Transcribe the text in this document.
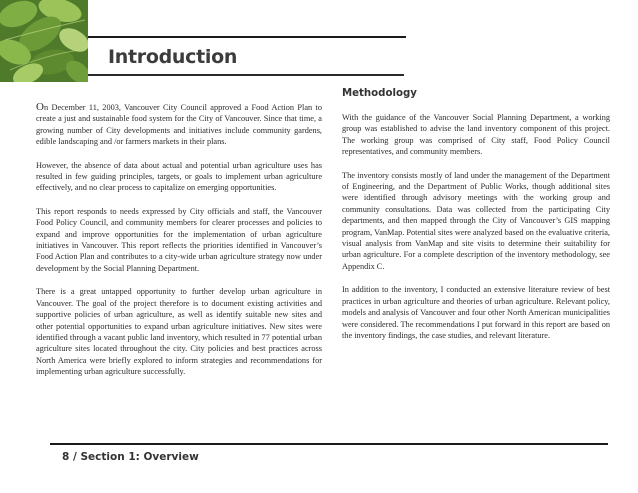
Introduction

On December 11, 2003, Vancouver City Council approved a Food Action Plan to create a just and sustainable food system for the City of Vancouver. Since that time, a growing number of City developments and initiatives include community gardens, edible landscaping and /or farmers markets in their plans.

However, the absence of data about actual and potential urban agriculture uses has resulted in few guiding principles, targets, or goals to implement urban agriculture effectively, and no clear process to capitalize on emerging opportunities.

This report responds to needs expressed by City officials and staff, the Vancouver Food Policy Council, and community members for clearer processes and policies to expand and improve opportunities for the implementation of urban agriculture initiatives in Vancouver. This report reflects the priorities identified in Vancouver’s Food Action Plan and contributes to a city-wide urban agriculture strategy now under development by the Social Planning Department.

There is a great untapped opportunity to further develop urban agriculture in Vancouver. The goal of the project therefore is to document existing activities and supportive policies of urban agriculture, as well as identify suitable new sites and other potential opportunities to expand urban agriculture initiatives. New sites were identified through a vacant public land inventory, which resulted in 77 potential urban agriculture sites located throughout the city. City policies and best practices across North America were briefly explored to inform strategies and recommendations for implementing urban agriculture successfully.

Methodology

With the guidance of the Vancouver Social Planning Department, a working group was established to advise the land inventory component of this project. The working group was comprised of City staff, Food Policy Council representatives, and community members.

The inventory consists mostly of land under the management of the Department of Engineering, and the Department of Public Works, though additional sites were identified through advisory meetings with the working group and community consultations. Data was collected from the participating City departments, and then mapped through the City of Vancouver’s GIS mapping program, VanMap. Potential sites were analyzed based on the evaluative criteria, visual analysis from VanMap and site visits to determine their suitability for urban agriculture. For a complete description of the inventory methodology, see Appendix C.

In addition to the inventory, I conducted an extensive literature review of best practices in urban agriculture and theories of urban agriculture. Relevant policy, models and analysis of Vancouver and four other North American municipalities were considered. The recommendations I put forward in this report are based on the inventory findings, the case studies, and relevant literature.

8 / Section 1: Overview
